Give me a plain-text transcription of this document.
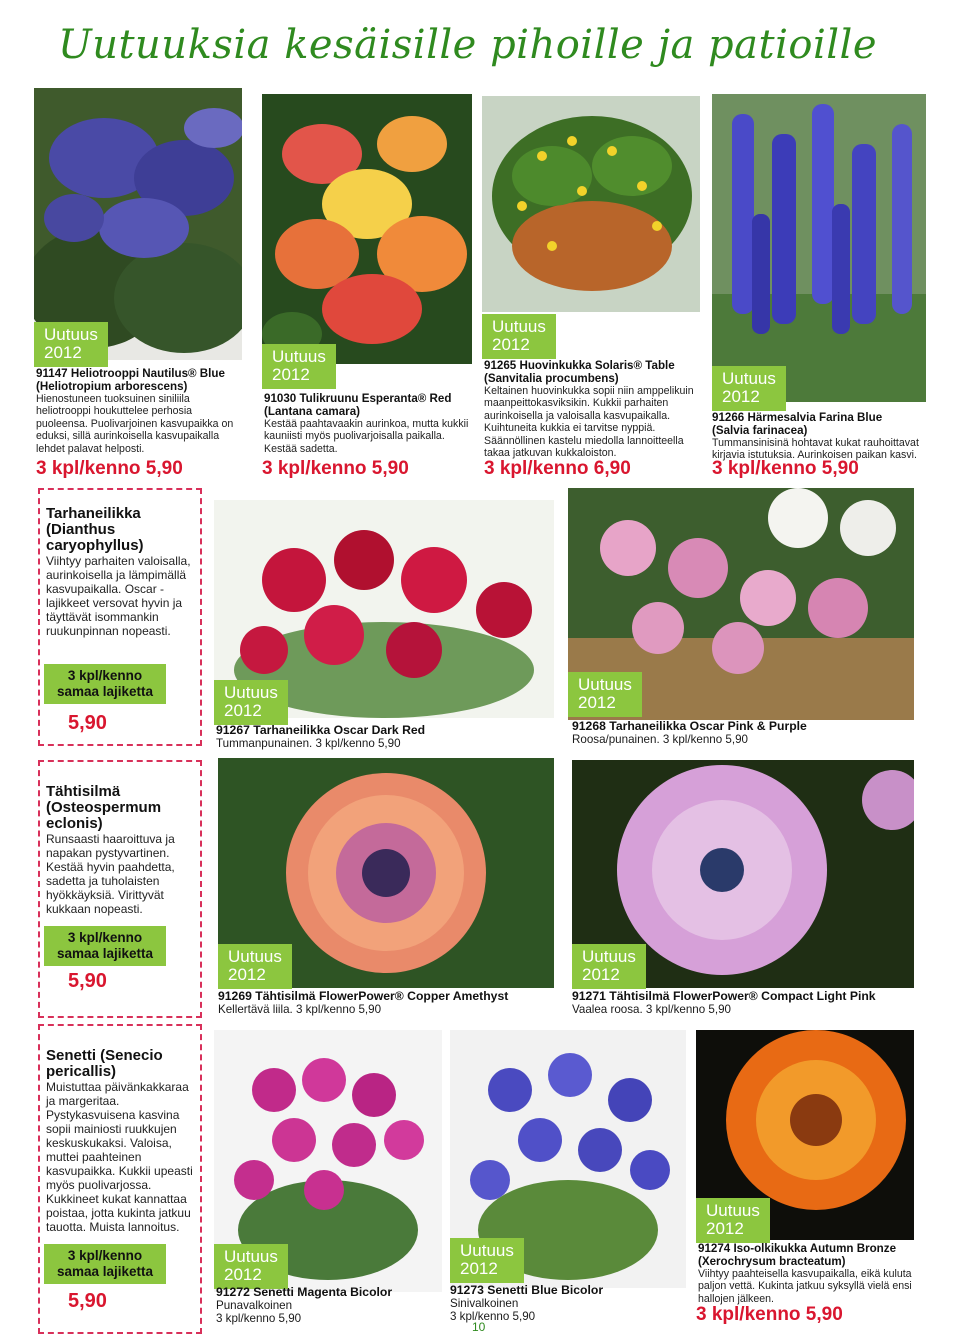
Uutuuksia kesäisille pihoille ja patioille
Uutuus
2012
91147 Heliotrooppi Nautilus® Blue
(Heliotropium arborescens)
Hienostuneen tuoksuinen siniliila heliotrooppi houkuttelee perhosia puoleensa. Puolivarjoinen kasvupaikka on eduksi, sillä aurinkoisella kasvupaikalla lehdet palavat helposti.
3 kpl/kenno 5,90
Uutuus
2012
91030 Tulikruunu Esperanta® Red
(Lantana camara)
Kestää paahtavaakin aurinkoa, mutta kukkii kauniisti myös puolivarjoisalla paikalla. Kestää sadetta.
3 kpl/kenno 5,90
Uutuus
2012
91265 Huovinkukka Solaris® Table
(Sanvitalia procumbens)
Keltainen huovinkukka sopii niin amppelikuin maanpeittokasviksikin. Kukkii parhaiten aurinkoisella ja valoisalla kasvupaikalla. Kuihtuneita kukkia ei tarvitse nyppiä. Säännöllinen kastelu miedolla lannoitteella takaa jatkuvan kukkaloiston.
3 kpl/kenno 6,90
Uutuus
2012
91266 Härmesalvia Farina Blue
(Salvia farinacea)
Tummansinisinä hohtavat kukat rauhoittavat kirjavia istutuksia. Aurinkoisen paikan kasvi.
3 kpl/kenno 5,90
Tarhaneilikka (Dianthus caryophyllus)
Viihtyy parhaiten valoisalla, aurinkoisella ja lämpimällä kasvupaikalla. Oscar -lajikkeet versovat hyvin ja täyttävät isommankin ruukunpinnan nopeasti.
3 kpl/kenno
samaa lajiketta
5,90
Tähtisilmä (Osteospermum eclonis)
Runsaasti haaroittuva ja napakan pystyvartinen. Kestää hyvin paahdetta, sadetta ja tuholaisten hyökkäyksiä. Virittyvät kukkaan nopeasti.
3 kpl/kenno
samaa lajiketta
5,90
Senetti (Senecio pericallis)
Muistuttaa päivänkakkaraa ja margeritaa. Pystykasvuisena kasvina sopii mainiosti ruukkujen keskuskukaksi. Valoisa, muttei paahteinen kasvupaikka. Kukkii upeasti myös puolivarjossa. Kukkineet kukat kannattaa poistaa, jotta kukinta jatkuu tauotta. Muista lannoitus.
3 kpl/kenno
samaa lajiketta
5,90
Uutuus
2012
91267 Tarhaneilikka Oscar Dark Red
Tummanpunainen. 3 kpl/kenno 5,90
Uutuus
2012
91268 Tarhaneilikka Oscar Pink & Purple
Roosa/punainen. 3 kpl/kenno 5,90
Uutuus
2012
91269 Tähtisilmä FlowerPower® Copper Amethyst
Kellertävä liila. 3 kpl/kenno 5,90
Uutuus
2012
91271 Tähtisilmä FlowerPower® Compact Light Pink
Vaalea roosa. 3 kpl/kenno 5,90
Uutuus
2012
91272 Senetti Magenta Bicolor
Punavalkoinen
3 kpl/kenno 5,90
Uutuus
2012
91273 Senetti Blue Bicolor
Sinivalkoinen
3 kpl/kenno 5,90
Uutuus
2012
91274 Iso-olkikukka Autumn Bronze
(Xerochrysum bracteatum)
Viihtyy paahteisella kasvupaikalla, eikä kuluta paljon vettä. Kukinta jatkuu syksyllä vielä ensi hallojen jälkeen.
3 kpl/kenno 5,90
10
